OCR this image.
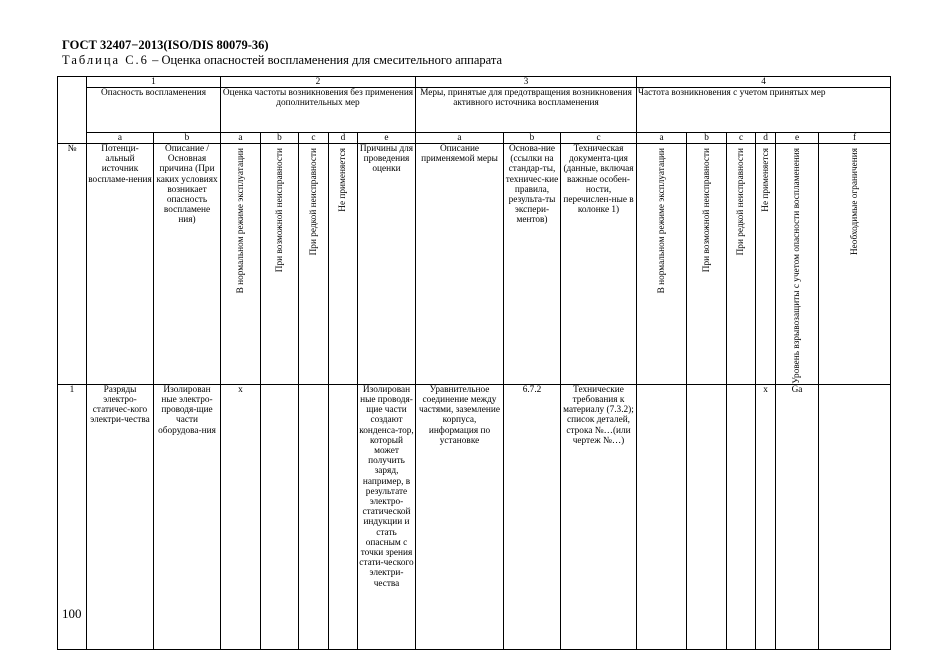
ГОСТ 32407−2013(ISO/DIS 80079-36)
Таблица С.6 – Оценка опасностей воспламенения для смесительного аппарата
	1		2					3			4					
	Опасность воспламенения		Оценка частоты возникновения без применения дополнительных мер					Меры, принятые для предотвращения возникновения активного источника воспламенения			Частота возникновения с учетом принятых мер					
	a	b	a	b	c	d	e	a	b	c	a	b	c	d	e	f
№	Потенци-альный источник воспламе-нения	Описание / Основная причина (При каких условиях возникает опасность воспламене ния)	В нормальном режиме эксплуатации	При возможной неисправности	При редкой неисправности	Не применяется	Причины для проведения оценки	Описание применяемой меры	Основа-ние (ссылки на стандар-ты, техничес-кие правила, результа-ты экспери-ментов)	Техническая документа-ция (данные, включая важные особен-ности, перечислен-ные в колонке 1)	В нормальном режиме эксплуатации	При возможной неисправности	При редкой неисправности	Не применяется	Уровень взрывозащиты с учетом опасности воспламенения	Необходимые ограничения

1	Разряды электро-статичес-кого электри-чества	Изолирован ные электро-проводя-щие части оборудова-ния	x				Изолирован ные проводя-щие части создают конденса-тор, который может получить заряд, например, в результате электро-статической индукции и стать опасным с точки зрения стати-ческого электри-чества	Уравнительное соединение между частями, заземление корпуса, информация по установке	6.7.2	Технические требования к материалу (7.3.2); список деталей, строка №…(или чертеж №…)				x	Ga	
100
